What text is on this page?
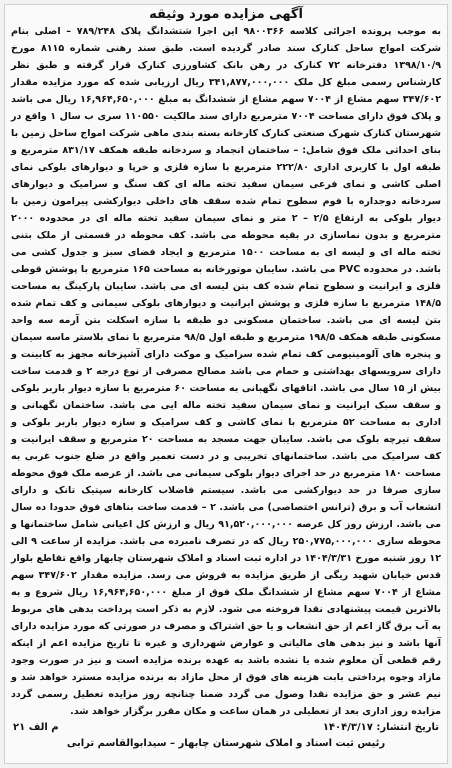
آگهی مزایده مورد وثیقه

به موجب پرونده اجرائی کلاسه ۹۸۰۰۳۶۶ این اجرا شتشدانگ پلاک ۷۸۹/۲۴۸ – اصلی بنام شرکت امواج ساحل کنارک سند صادر گردیده است. طبق سند رهنی شماره ۸۱۱۵ مورخ ۱۳۹۸/۱۰/۹ دفترخانه ۷۲ کنارک در رهن بانک کشاورزی کنارک قرار گرفته و طبق نظر کارشناس رسمی مبلغ کل ملک ۳۴۱,۸۷۷,۰۰۰,۰۰۰ ریال ارزیابی شده که مورد مزایده مقدار ۳۴۷/۶۰۲ سهم مشاع از ۷۰۰۴ سهم مشاع از ششدانگ به مبلغ ۱۶,۹۶۴,۶۵۰,۰۰۰ ریال می باشد و پلاک فوق دارای مساحت ۷۰۰۴ مترمربع دارای سند مالکیت ۱۱۰۵۵۰ سری ب سال ۱ واقع در شهرستان کنارک شهرک صنعتی کنارک کارخانه بسته بندی ماهی شرکت امواج ساحل زمین با بنای احداثی ملک فوق شامل: – ساختمان انجماد و سردخانه طبقه همکف ۸۳۱/۱۷ مترمربع و طبقه اول با کاربری اداری ۲۲۲/۸۰ مترمربع با سازه فلزی و خرپا و دیوارهای بلوکی نمای اصلی کاشی و نمای فرعی سیمان سفید تخته ماله ای کف سنگ و سرامیک و دیوارهای سردخانه دوجداره با فوم سطوح تمام شده سقف های داخلی دیوارکشی پیرامون زمین با دیوار بلوکی به ارتفاع ۲/۵ – ۲ متر و نمای سیمان سفید تخته ماله ای در محدوده ۲۰۰۰ مترمربع و بدون نماسازی در بقیه محوطه می باشد. کف محوطه در قسمتی از ملک بتنی تخته ماله ای و لیسه ای به مساحت ۱۵۰۰ مترمربع و ایجاد فضای سبز و جدول کشی می باشد. در محدوده PVC می باشد. سایبان موتورخانه به مساحت ۱۶۵ مترمربع با پوشش قوطی فلزی و ایرانیت و سطوح تمام شده کف بتن لیسه ای می باشد. سایبان پارکینگ به مساحت ۱۴۸/۵ مترمربع با سازه فلزی و پوشش ایرانیت و دیوارهای بلوکی سیمانی و کف تمام شده بتن لیسه ای می باشد. ساختمان مسکونی دو طبقه با سازه اسکلت بتن آرمه سه واحد مسکونی طبقه همکف ۱۹۸/۵ مترمربع و طبقه اول ۹۸/۵ مترمربع با نمای بلاستر ماسه سیمان و پنجره های آلومینیومی کف تمام شده سرامیک و موکت دارای آشپزخانه مجهز به کابینت و دارای سرویسهای بهداشتی و حمام می باشد مصالح مصرفی از نوع درجه ۲ و قدمت ساخت بیش از ۱۵ سال می باشد. اتاقهای نگهبانی به مساحت ۶۰ مترمربع با سازه دیوار باربر بلوکی و سقف سبک ایرانیت و نمای سیمان سفید تخته ماله ایی می باشد. ساختمان نگهبانی و اداری به مساحت ۵۲ مترمربع با نمای کاشی و کف سرامیک و سازه دیوار باربر بلوکی و سقف تیرچه بلوک می باشد. سایبان جهت مسجد به مساحت ۲۰ مترمربع و سقف ایرانیت و کف سرامیک می باشد. ساختمانهای تخریبی و در دست تعمیر واقع در ضلع جنوب غربی به مساحت ۱۸۰ مترمربع در حد اجرای دیوار بلوکی سیمانی می باشد. از عرصه ملک فوق محوطه سازی صرفا در حد دیوارکشی می باشد. سیستم فاضلاب کارخانه سپتیک تانک و دارای انشعاب آب و برق (ترانس اختصاصی) می باشد. ۲ – قدمت ساخت بناهای فوق حدودا ده سال می باشد. ارزش روز کل عرصه ۹۱,۵۲۰,۰۰۰,۰۰۰ ریال و ارزش کل اعیانی شامل ساختمانها و محوطه سازی ۲۵۰,۷۷۵,۰۰۰,۰۰۰ ریال که در تصرف نامبرده می باشد. مزایده از ساعت ۹ الی ۱۲ روز شنبه مورخ ۱۴۰۴/۳/۳۱ در اداره ثبت اسناد و املاک شهرستان چابهار واقع تقاطع بلوار قدس خیابان شهید ریگی از طریق مزایده به فروش می رسد. مزایده مقدار ۳۴۷/۶۰۲ سهم مشاع از ۷۰۰۴ سهم مشاع از ششدانگ ملک فوق از مبلغ ۱۶,۹۶۴,۶۵۰,۰۰۰ ریال شروع و به بالاترین قیمت پیشنهادی نقدا فروخته می شود. لازم به ذکر است پرداخت بدهی های مربوط به آب برق گاز اعم از حق انشعاب و یا حق اشتراک و مصرف در صورتی که مورد مزایده دارای آنها باشد و نیز بدهی های مالیاتی و عوارض شهرداری و غیره تا تاریخ مزایده اعم از اینکه رقم قطعی آن معلوم شده یا نشده باشد به عهده برنده مزایده است و نیز در صورت وجود مازاد وجوه پرداختی بابت هزینه های فوق از محل مازاد به برنده مزایده مسترد خواهد شد و نیم عشر و حق مزایده نقدا وصول می گردد ضمنا چنانچه روز مزایده تعطیل رسمی گردد مزایده روز اداری بعد از تعطیلی در همان ساعت و مکان مقرر برگزار خواهد شد.

تاریخ انتشار: ۱۴۰۴/۳/۱۷
م الف ۲۱
رئیس ثبت اسناد و املاک شهرستان چابهار – سیدابوالقاسم ترابی
